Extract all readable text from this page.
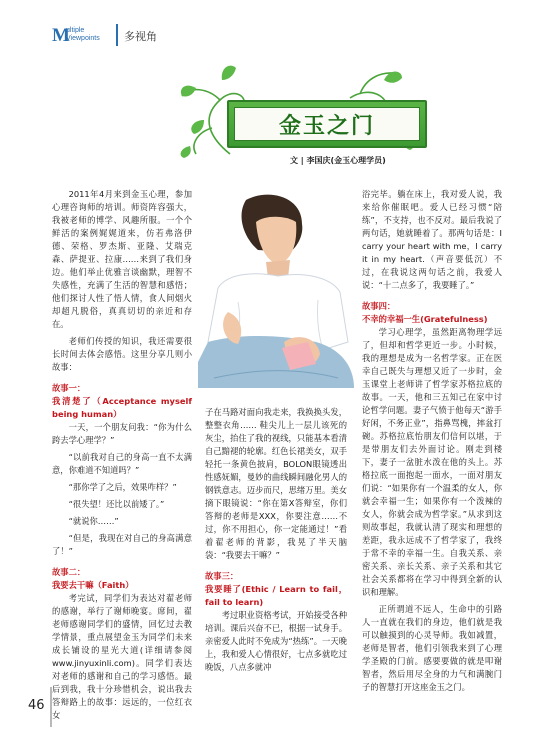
M
ultiple
Viewpoints 多视角
金玉之门
文 | 李国庆(金玉心理学员)

2011年4月来到金玉心理，参加心理咨询师的培训。师资阵容强大，我被老师的博学、风趣所服。一个个鲜活的案例娓娓道来，仿若弗洛伊德、荣格、罗杰斯、亚隆、艾瑞克森、萨提亚、拉康……来到了我们身边。他们举止优雅言谈幽默，理智不失感性，充满了生活的智慧和感悟；他们探讨人性了悟人情，食人间烟火却超凡脱俗，真真切切的亲近和存在。

老师们传授的知识，我还需要很长时间去体会感悟。这里分享几则小故事：

故事一：

我清楚了（Acceptance myself being human）

一天，一个朋友问我：“你为什么跨去学心理学？”

“以前我对自己的身高一直不太满意，你难道不知道吗？”

“那你学了之后，效果咋样？”

“很失望！还比以前矮了。”

“就说你……”

“但是，我现在对自己的身高满意了！”

故事二：

我要去干嘛（Faith）

考完试，同学们为表达对翟老师的感谢，举行了谢师晚宴。席间，翟老师感谢同学们的盛情，回忆过去教学情景，重点展望金玉为同学们未来成长铺设的星光大道(详细请参阅www.jinyuxinli.com)。同学们表达对老师的感谢和自己的学习感悟。最后到我，我十分珍惜机会，说出我去答辩路上的故事：远远的，一位红衣女

子在马路对面向我走来，我换换头发，整整衣角…… 鞋尖儿上一层儿该死的灰尘，抬住了我的视线，只能基本看清自己黯褪的轮廓。红色长裙美女，双手轻托一条黄色披肩，BOLON眼镜透出性感妩媚，曼妙的曲线瞬间融化男人的钢铁意志。迈步而尺，思绪万里。美女摘下眼镜说：“你在第X答辩室，你们答辩的老师是XXX，你要注意……不过，你不用担心，你一定能通过！”看着翟老师的背影，我晃了半天脑袋：“我要去干嘛？”

故事三：

我要睡了(Ethic / Learn to fail，fail to learn)

考过职业资格考试，开始接受各种培训。课后兴奋不已，根据一试身手。亲密爱人此时不免成为“热练”。一天晚上，我和爱人心情很好，七点多就吃过晚饭，八点多就冲

浴完毕。躺在床上，我对爱人说，我来给你催眠吧。爱人已经习惯“陪练”，不支持，也不反对。最后我说了两句话，她就睡着了。那两句话是：I carry your heart with me，I carry it in my heart.（声音要低沉）不过，在我说这两句话之前，我爱人说：“十二点多了，我要睡了。”

故事四：

不幸的幸福一生(Gratefulness)

学习心理学，虽然距离物理学远了，但却和哲学更近一步。小时候，我的理想是成为一名哲学家。正在医幸自己既失与理想又近了一步时，金玉课堂上老师讲了哲学家苏格拉底的故事。一天，他和三五知己在家中讨论哲学问题。妻子气愤于他每天“游手好闲，不务正业”，指鼻骂槐，摔盆打碗。苏格拉底怡朋友们信何以堪，于是带朋友们去外面讨论。刚走到楼下，妻子一盆脏水泼在他的头上。苏格拉底一面抱起一面水，一面对朋友们说：“如果你有一个温柔的女人，你就会幸福一生；如果你有一个泼辣的女人，你就会成为哲学家。”从求到这则故事起，我就认清了现实和理想的差距，我永远成不了哲学家了，我终于常不幸的幸福一生。自我关系、亲密关系、亲长关系、亲子关系和其它社会关系都将在学习中得到全新的认识和理解。

正所谓道不远人，生命中的引路人一直就在我们的身边，他们就是我可以触摸到的心灵导师。我如减置，老师是智者，他们引领我来到了心理学圣殿的门前。感要要做的就是叩谢智者，然后用尽全身的力气和满腕门子的智慧打开这座金玉之门。

46
